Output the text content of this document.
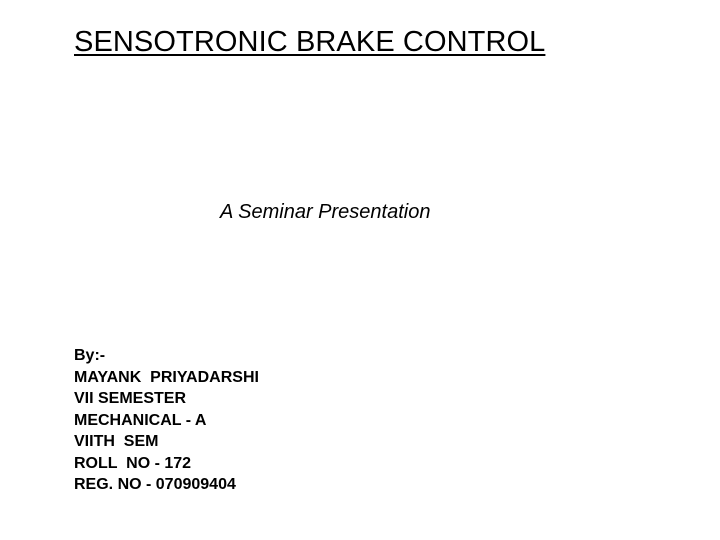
SENSOTRONIC BRAKE CONTROL
A Seminar Presentation
By:-
MAYANK  PRIYADARSHI
VII SEMESTER
MECHANICAL - A
VIITH  SEM
ROLL  NO - 172
REG. NO - 070909404
